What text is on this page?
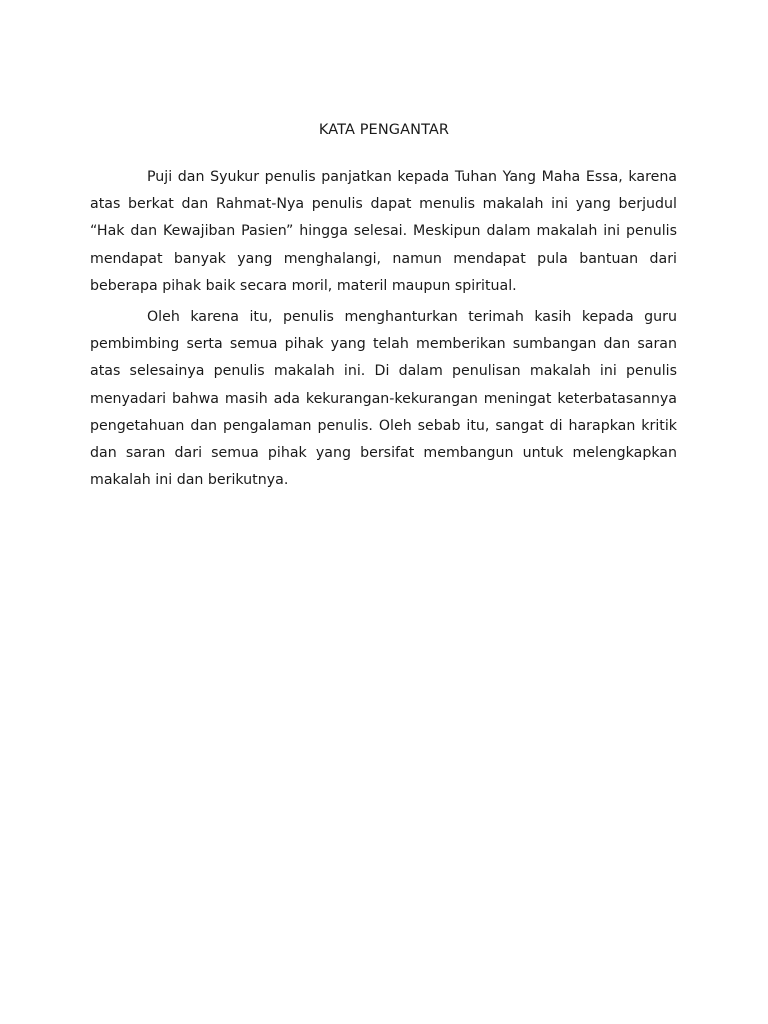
KATA PENGANTAR

Puji dan Syukur penulis panjatkan kepada Tuhan Yang Maha Essa, karena atas berkat dan Rahmat-Nya penulis dapat menulis makalah ini yang berjudul “Hak dan Kewajiban Pasien” hingga selesai. Meskipun dalam makalah ini penulis mendapat banyak yang menghalangi, namun mendapat pula bantuan dari beberapa pihak baik secara moril, materil maupun spiritual.

Oleh karena itu, penulis menghanturkan terimah kasih kepada guru pembimbing serta semua pihak yang telah memberikan sumbangan dan saran atas selesainya penulis makalah ini. Di dalam penulisan makalah ini penulis menyadari bahwa masih ada kekurangan-kekurangan meningat keterbatasannya pengetahuan dan pengalaman penulis. Oleh sebab itu, sangat di harapkan kritik dan saran dari semua pihak yang bersifat membangun untuk melengkapkan makalah ini dan berikutnya.
